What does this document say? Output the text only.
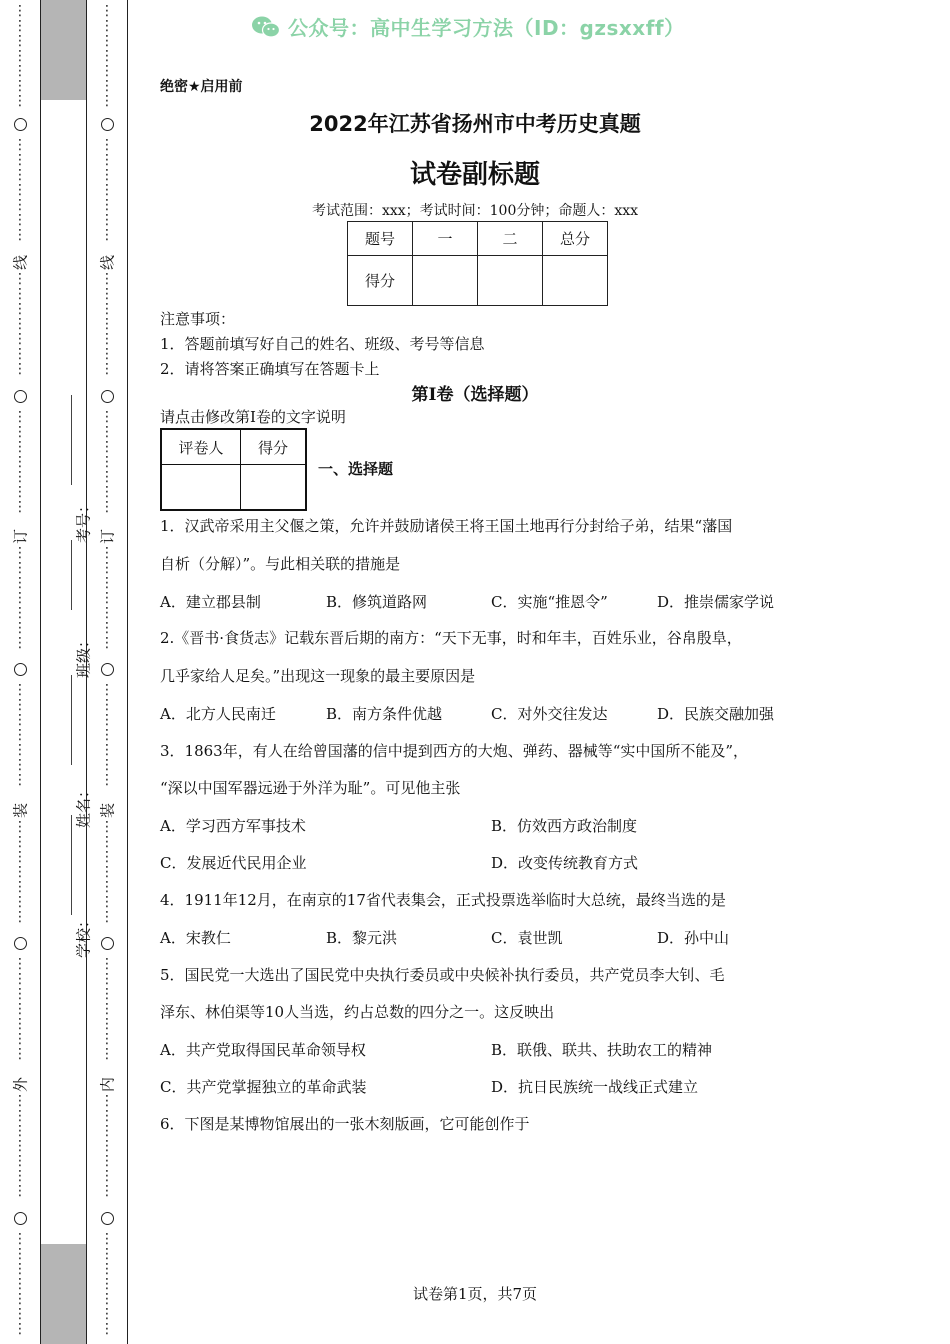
⋮
⋮
⋮
⋮
⋮
⋮
⋮

⋮
⋮
⋮
⋮
⋮
⋮
⋮

⋮
⋮
⋮
⋮
⋮
⋮
⋮

⋮
⋮
⋮
⋮
⋮
⋮
⋮

⋮
⋮
⋮
⋮
⋮
⋮
⋮

⋮
⋮
⋮
⋮
⋮
⋮
⋮

⋮
⋮
⋮
⋮
⋮
⋮
⋮

⋮
⋮
⋮
⋮
⋮
⋮
⋮

⋮
⋮
⋮
⋮
⋮
⋮
⋮

⋮
⋮
⋮
⋮
⋮
⋮
⋮

线
订
装
外
⋮
⋮
⋮
⋮
⋮
⋮
⋮

⋮
⋮
⋮
⋮
⋮
⋮
⋮

⋮
⋮
⋮
⋮
⋮
⋮
⋮

⋮
⋮
⋮
⋮
⋮
⋮
⋮

⋮
⋮
⋮
⋮
⋮
⋮
⋮

⋮
⋮
⋮
⋮
⋮
⋮
⋮

⋮
⋮
⋮
⋮
⋮
⋮
⋮

⋮
⋮
⋮
⋮
⋮
⋮
⋮

⋮
⋮
⋮
⋮
⋮
⋮
⋮

⋮
⋮
⋮
⋮
⋮
⋮
⋮

线
订
装
内
考号：
班级：
姓名：
学校：
公众号：高中生学习方法（ID：gzsxxff）
绝密★启用前
2022年江苏省扬州市中考历史真题
试卷副标题
考试范围：xxx；考试时间：100分钟；命题人：xxx
题号	一	二	总分
得分			
注意事项：
1．答题前填写好自己的姓名、班级、考号等信息
2．请将答案正确填写在答题卡上
第I卷（选择题）
请点击修改第I卷的文字说明
评卷人	得分

一、选择题
1．汉武帝采用主父偃之策，允许并鼓励诸侯王将王国土地再行分封给子弟，结果“藩国
自析（分解）”。与此相关联的措施是
A．建立郡县制	B．修筑道路网	C．实施“推恩令”	D．推崇儒家学说
2.《晋书·食货志》记载东晋后期的南方：“天下无事，时和年丰，百姓乐业，谷帛殷阜，
几乎家给人足矣。”出现这一现象的最主要原因是
A．北方人民南迁	B．南方条件优越	C．对外交往发达	D．民族交融加强
3．1863年，有人在给曾国藩的信中提到西方的大炮、弹药、器械等“实中国所不能及”，
“深以中国军器远逊于外洋为耻”。可见他主张
A．学习西方军事技术	B．仿效西方政治制度
C．发展近代民用企业	D．改变传统教育方式
4．1911年12月，在南京的17省代表集会，正式投票选举临时大总统，最终当选的是
A．宋教仁	B．黎元洪	C．袁世凯	D．孙中山
5．国民党一大选出了国民党中央执行委员或中央候补执行委员，共产党员李大钊、毛
泽东、林伯渠等10人当选，约占总数的四分之一。这反映出
A．共产党取得国民革命领导权	B．联俄、联共、扶助农工的精神
C．共产党掌握独立的革命武装	D．抗日民族统一战线正式建立
6．下图是某博物馆展出的一张木刻版画，它可能创作于
试卷第1页，共7页
